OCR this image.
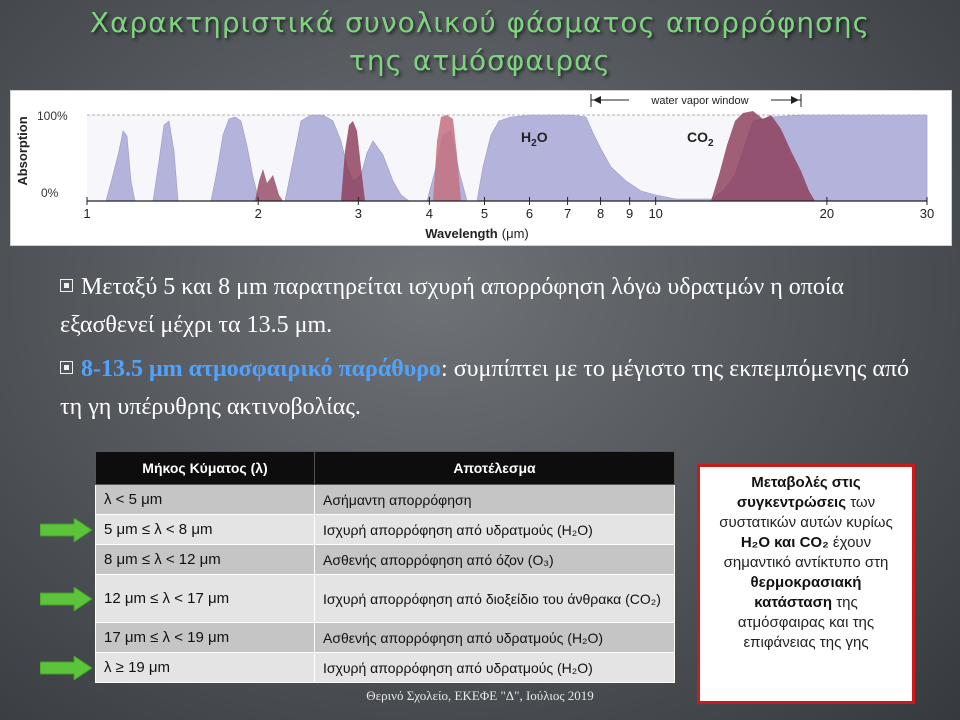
Χαρακτηριστικά συνολικού φάσματος απορρόφησης
της ατμόσφαιρας
Absorption
100%
0%
water vapor window
$H_2O$	$CO_2$
1	2	3	4	5	6 7 8 9 10	20	30
Wavelength (μm)
Μεταξύ 5 και 8 μm παρατηρείται ισχυρή απορρόφηση λόγω υδρατμών η οποία εξασθενεί μέχρι τα 13.5 μm.
8-13.5 μm ατμοσφαιρικό παράθυρο: συμπίπτει με το μέγιστο της εκπεμπόμενης από τη γη υπέρυθρης ακτινοβολίας.
Μήκος Κύματος (λ)	Αποτέλεσμα
λ < 5 μm	Ασήμαντη απορρόφηση
5 μm ≤ λ < 8 μm	Ισχυρή απορρόφηση από υδρατμούς (H₂O)
8 μm ≤ λ < 12 μm	Ασθενής απορρόφηση από όζον (O₃)
12 μm ≤ λ < 17 μm	Ισχυρή απορρόφηση από διοξείδιο του άνθρακα (CO₂)
17 μm ≤ λ < 19 μm	Ασθενής απορρόφηση από υδρατμούς (H₂O)
λ ≥ 19 μm	Ισχυρή απορρόφηση από υδρατμούς (H₂O)
Μεταβολές στις συγκεντρώσεις των συστατικών αυτών κυρίως H₂O και CO₂ έχουν σημαντικό αντίκτυπο στη θερμοκρασιακή κατάσταση της ατμόσφαιρας και της επιφάνειας της γης
Θερινό Σχολείο, ΕΚΕΦΕ "Δ", Ιούλιος 2019
